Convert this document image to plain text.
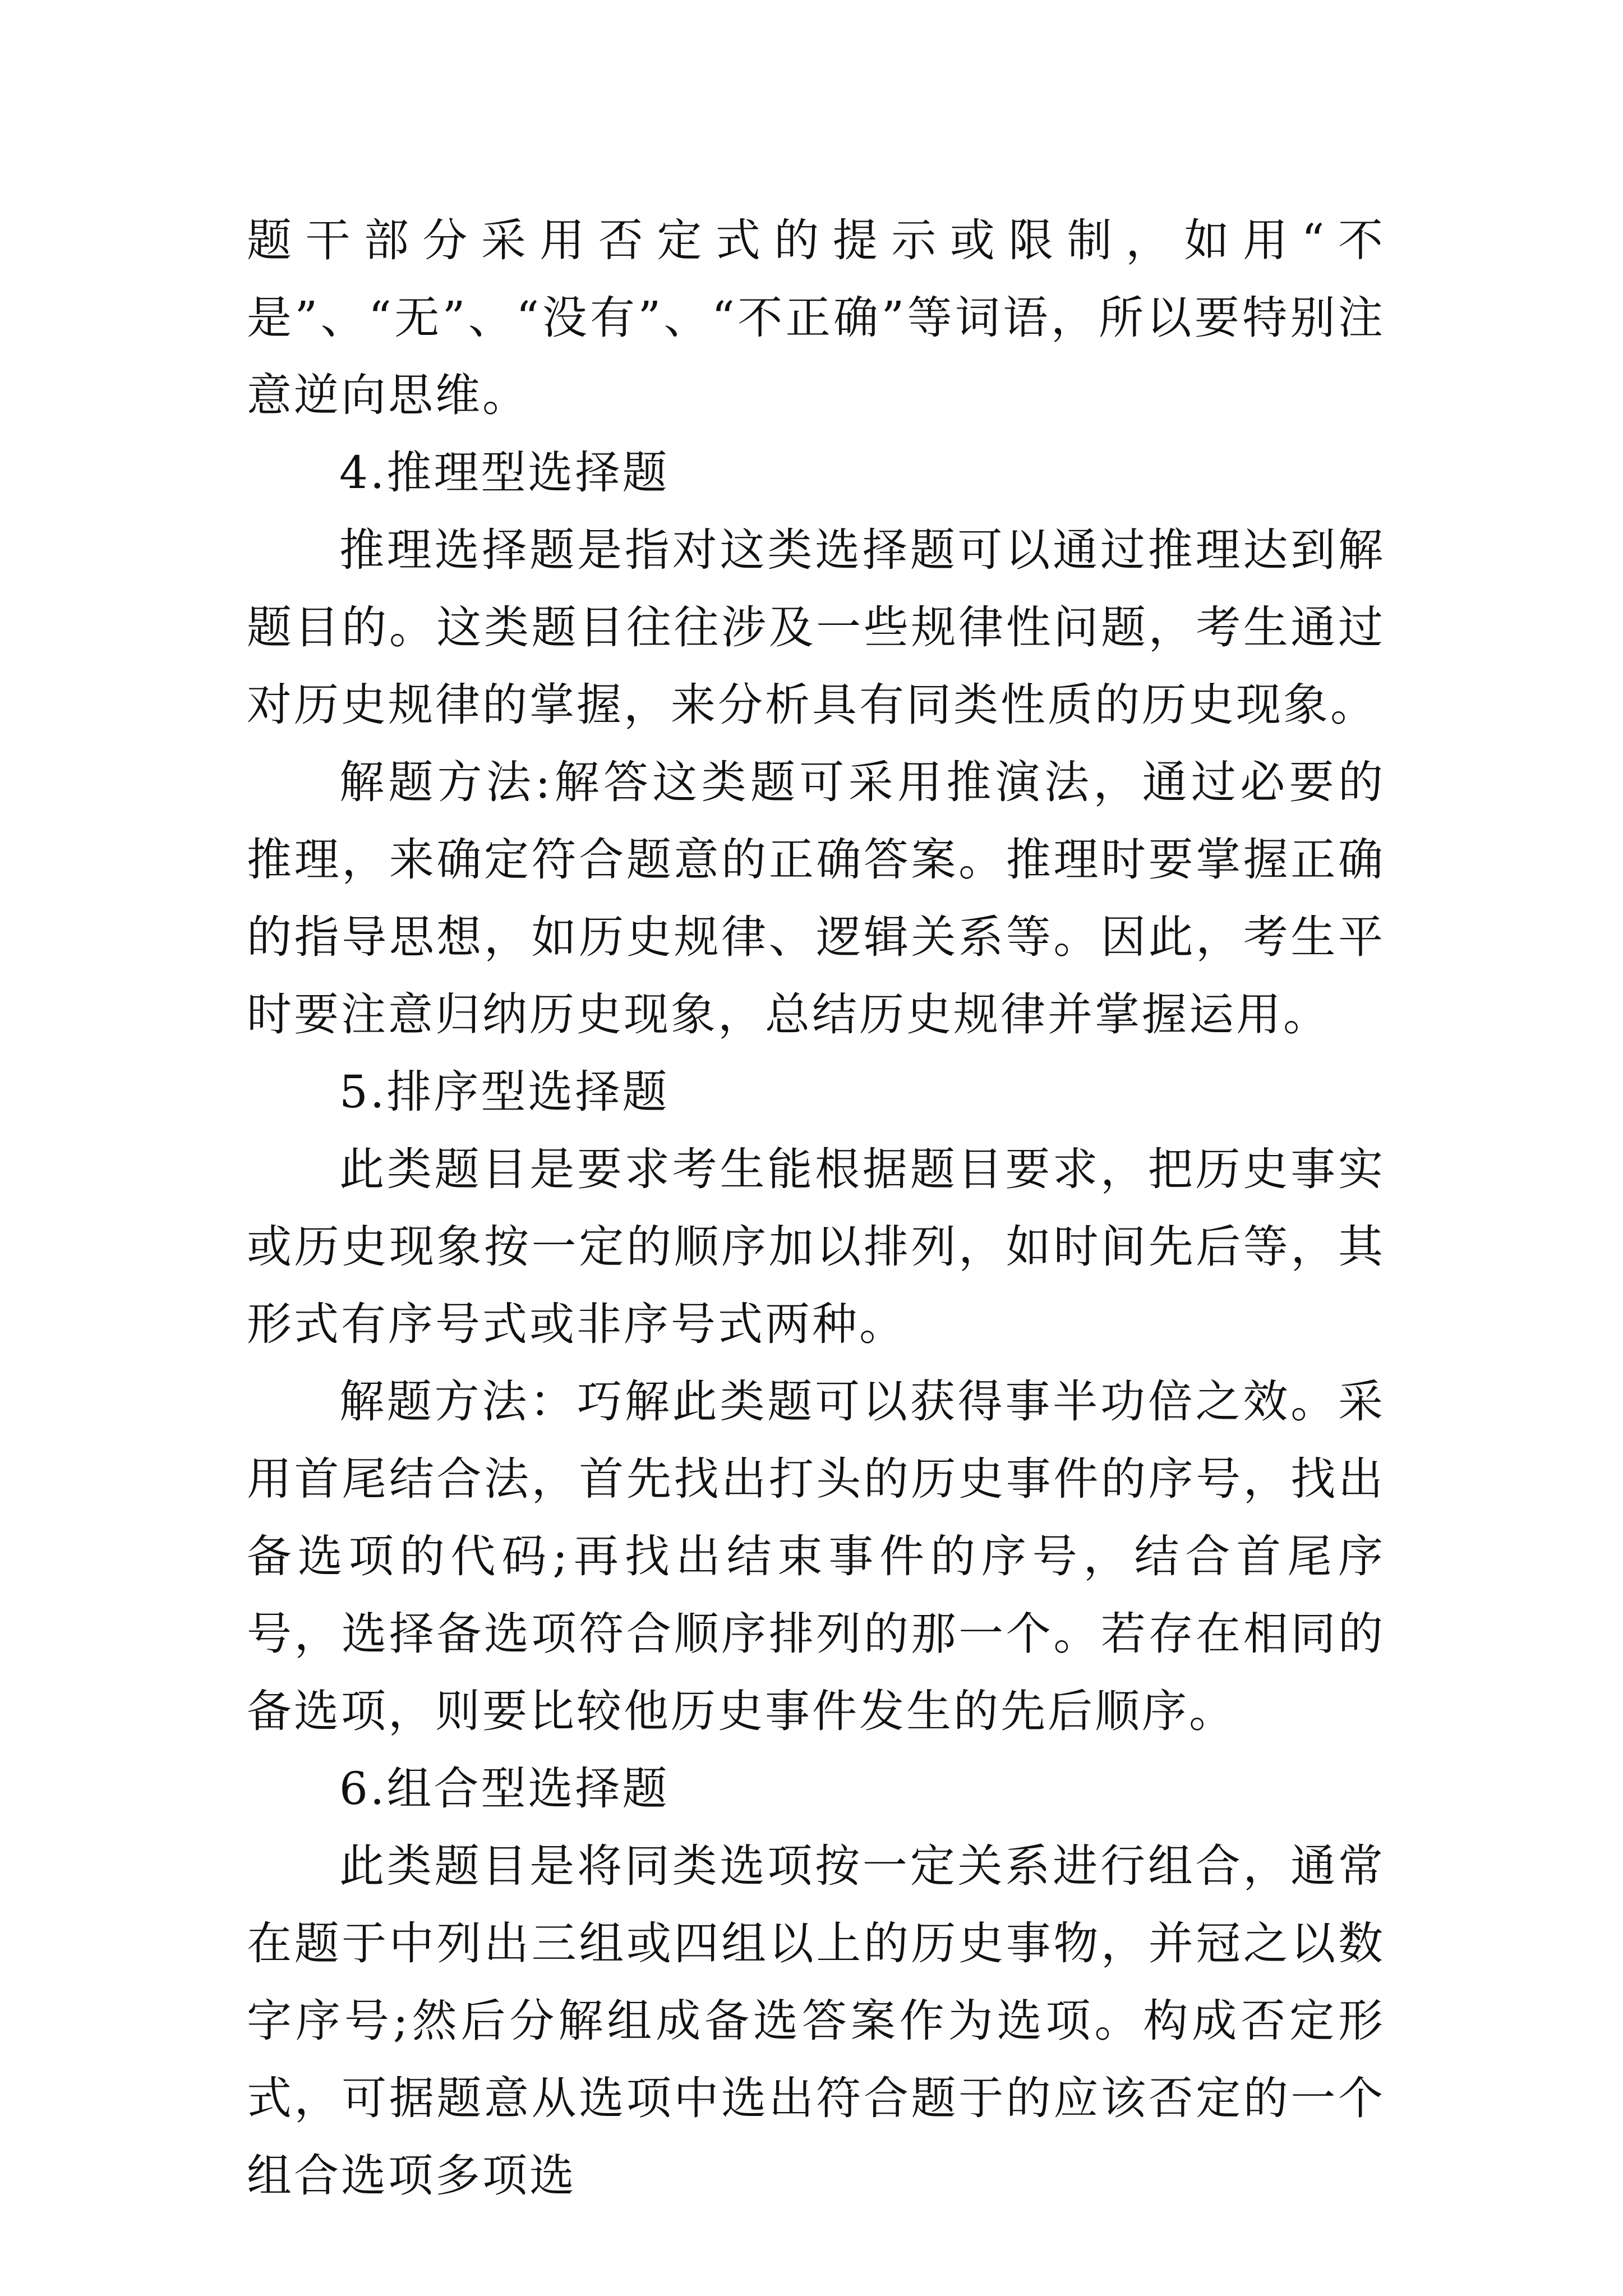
题干部分采用否定式的提示或限制，如用“不是”、“无”、“没有”、“不正确”等词语，所以要特别注意逆向思维。

4.推理型选择题

推理选择题是指对这类选择题可以通过推理达到解题目的。这类题目往往涉及一些规律性问题，考生通过对历史规律的掌握，来分析具有同类性质的历史现象。

解题方法:解答这类题可采用推演法，通过必要的推理，来确定符合题意的正确答案。推理时要掌握正确的指导思想，如历史规律、逻辑关系等。因此，考生平时要注意归纳历史现象，总结历史规律并掌握运用。

5.排序型选择题

此类题目是要求考生能根据题目要求，把历史事实或历史现象按一定的顺序加以排列，如时间先后等，其形式有序号式或非序号式两种。

解题方法：巧解此类题可以获得事半功倍之效。采用首尾结合法，首先找出打头的历史事件的序号，找出备选项的代码;再找出结束事件的序号，结合首尾序号，选择备选项符合顺序排列的那一个。若存在相同的备选项，则要比较他历史事件发生的先后顺序。

6.组合型选择题

此类题目是将同类选项按一定关系进行组合，通常在题于中列出三组或四组以上的历史事物，并冠之以数字序号;然后分解组成备选答案作为选项。构成否定形式，可据题意从选项中选出符合题于的应该否定的一个组合选项多项选
